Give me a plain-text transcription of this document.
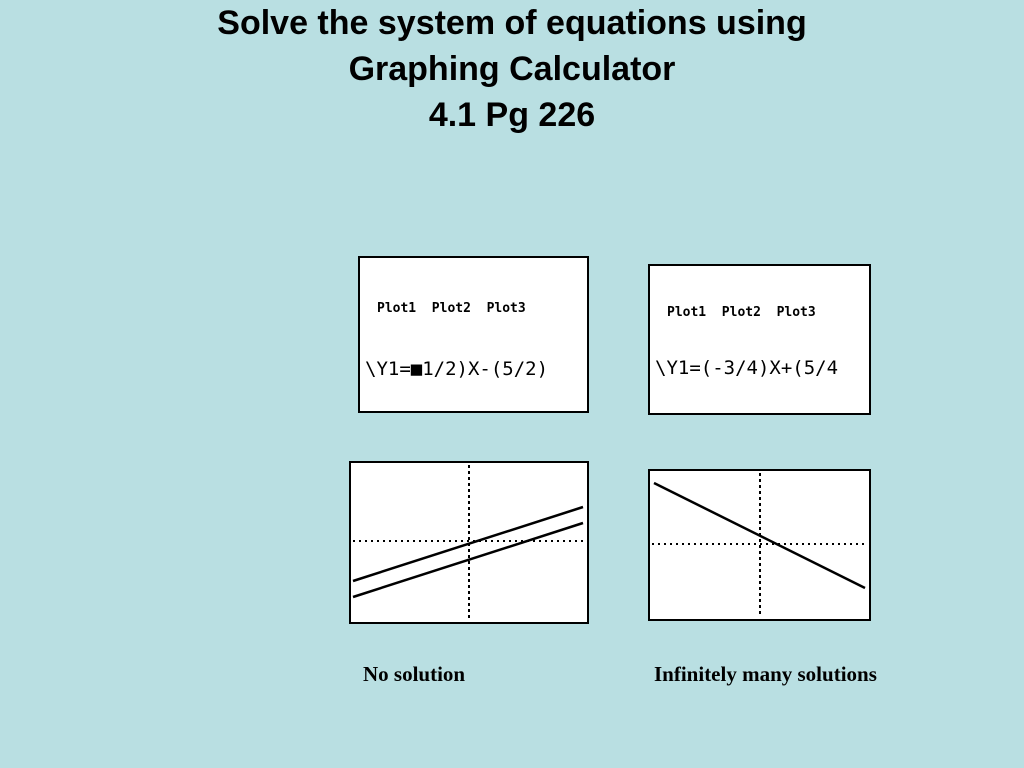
Solve the system of equations using
Graphing Calculator
4.1 Pg 226

Plot1  Plot2  Plot3

\Y1=■1/2)X-(5/2)

Plot1  Plot2  Plot3

\Y1=(-3/4)X+(5/4

No solution	Infinitely many solutions
